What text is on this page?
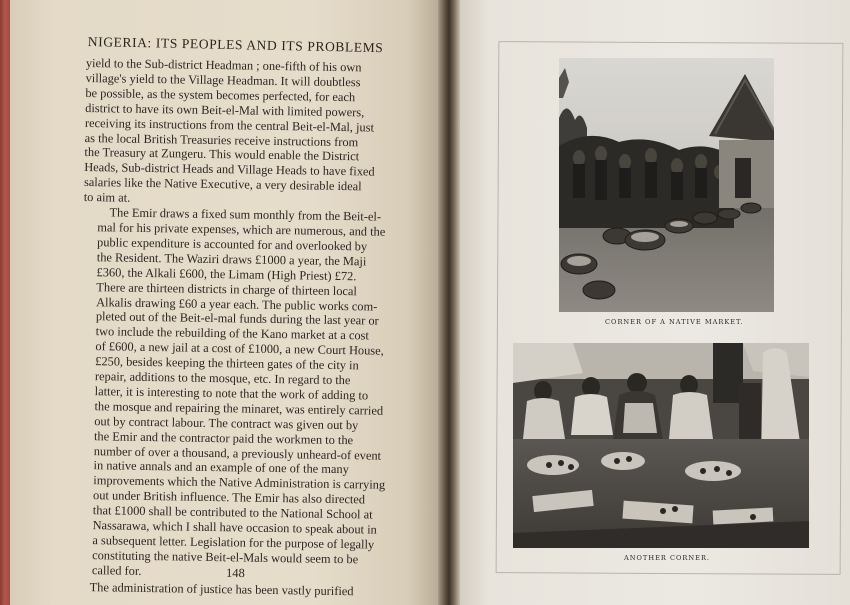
NIGERIA: ITS PEOPLES AND ITS PROBLEMS

yield to the Sub-district Headman ; one-fifth of his own
village's yield to the Village Headman. It will doubtless
be possible, as the system becomes perfected, for each
district to have its own Beit-el-Mal with limited powers,
receiving its instructions from the central Beit-el-Mal, just
as the local British Treasuries receive instructions from
the Treasury at Zungeru. This would enable the District
Heads, Sub-district Heads and Village Heads to have fixed
salaries like the Native Executive, a very desirable ideal
to aim at.

The Emir draws a fixed sum monthly from the Beit-el-
mal for his private expenses, which are numerous, and the
public expenditure is accounted for and overlooked by
the Resident. The Waziri draws £1000 a year, the Maji
£360, the Alkali £600, the Limam (High Priest) £72.
There are thirteen districts in charge of thirteen local
Alkalis drawing £60 a year each. The public works com-
pleted out of the Beit-el-mal funds during the last year or
two include the rebuilding of the Kano market at a cost
of £600, a new jail at a cost of £1000, a new Court House,
£250, besides keeping the thirteen gates of the city in
repair, additions to the mosque, etc. In regard to the
latter, it is interesting to note that the work of adding to
the mosque and repairing the minaret, was entirely carried
out by contract labour. The contract was given out by
the Emir and the contractor paid the workmen to the
number of over a thousand, a previously unheard-of event
in native annals and an example of one of the many
improvements which the Native Administration is carrying
out under British influence. The Emir has also directed
that £1000 shall be contributed to the National School at
Nassarawa, which I shall have occasion to speak about in
a subsequent letter. Legislation for the purpose of legally
constituting the native Beit-el-Mals would seem to be
called for.

The administration of justice has been vastly purified

148
CORNER OF A NATIVE MARKET.
ANOTHER CORNER.
